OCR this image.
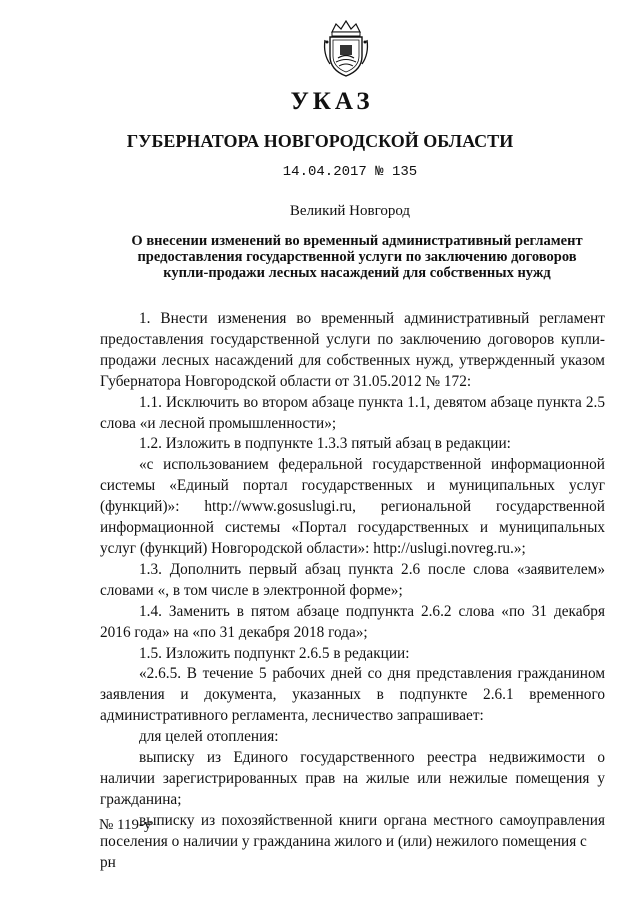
УКАЗ
ГУБЕРНАТОРА НОВГОРОДСКОЙ ОБЛАСТИ
14.04.2017 № 135
Великий Новгород
О внесении изменений во временный административный регламент
предоставления государственной услуги по заключению договоров
купли-продажи лесных насаждений для собственных нужд

1. Внести изменения во временный административный регламент предоставления государственной услуги по заключению договоров купли-продажи лесных насаждений для собственных нужд, утвержденный указом Губернатора Новгородской области от 31.05.2012 № 172:

1.1. Исключить во втором абзаце пункта 1.1, девятом абзаце пункта 2.5 слова «и лесной промышленности»;

1.2. Изложить в подпункте 1.3.3 пятый абзац в редакции:

«с использованием федеральной государственной информационной системы «Единый портал государственных и муниципальных услуг (функций)»: http://www.gosuslugi.ru, региональной государственной информационной системы «Портал государственных и муниципальных услуг (функций) Новгородской области»: http://uslugi.novreg.ru.»;

1.3. Дополнить первый абзац пункта 2.6 после слова «заявителем» словами «, в том числе в электронной форме»;

1.4. Заменить в пятом абзаце подпункта 2.6.2 слова «по 31 декабря 2016 года» на «по 31 декабря 2018 года»;

1.5. Изложить подпункт 2.6.5 в редакции:

«2.6.5. В течение 5 рабочих дней со дня представления гражданином заявления и документа, указанных в подпункте 2.6.1 временного административного регламента, лесничество запрашивает:

для целей отопления:

выписку из Единого государственного реестра недвижимости о наличии зарегистрированных прав на жилые или нежилые помещения у гражданина;

выписку из похозяйственной книги органа местного самоуправления поселения о наличии у гражданина жилого и (или) нежилого помещения с

рн

№ 119-у
